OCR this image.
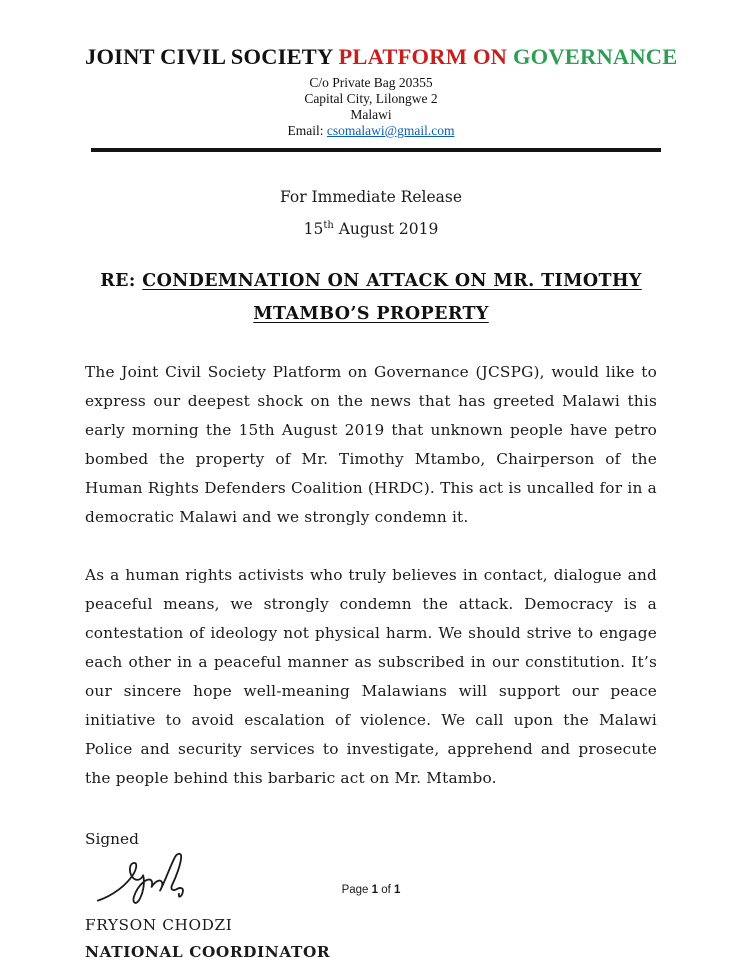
JOINT CIVIL SOCIETY PLATFORM ON GOVERNANCE
C/o Private Bag 20355
Capital City, Lilongwe 2
Malawi
Email: csomalawi@gmail.com
For Immediate Release
15th August 2019
RE: CONDEMNATION ON ATTACK ON MR. TIMOTHY MTAMBO’S PROPERTY

The Joint Civil Society Platform on Governance (JCSPG), would like to express our deepest shock on the news that has greeted Malawi this early morning the 15th August 2019 that unknown people have petro bombed the property of Mr. Timothy Mtambo, Chairperson of the Human Rights Defenders Coalition (HRDC). This act is uncalled for in a democratic Malawi and we strongly condemn it.

As a human rights activists who truly believes in contact, dialogue and peaceful means, we strongly condemn the attack. Democracy is a contestation of ideology not physical harm. We should strive to engage each other in a peaceful manner as subscribed in our constitution. It’s our sincere hope well-meaning Malawians will support our peace initiative to avoid escalation of violence. We call upon the Malawi Police and security services to investigate, apprehend and prosecute the people behind this barbaric act on Mr. Mtambo.

Signed
FRYSON CHODZI
NATIONAL COORDINATOR
Page 1 of 1
